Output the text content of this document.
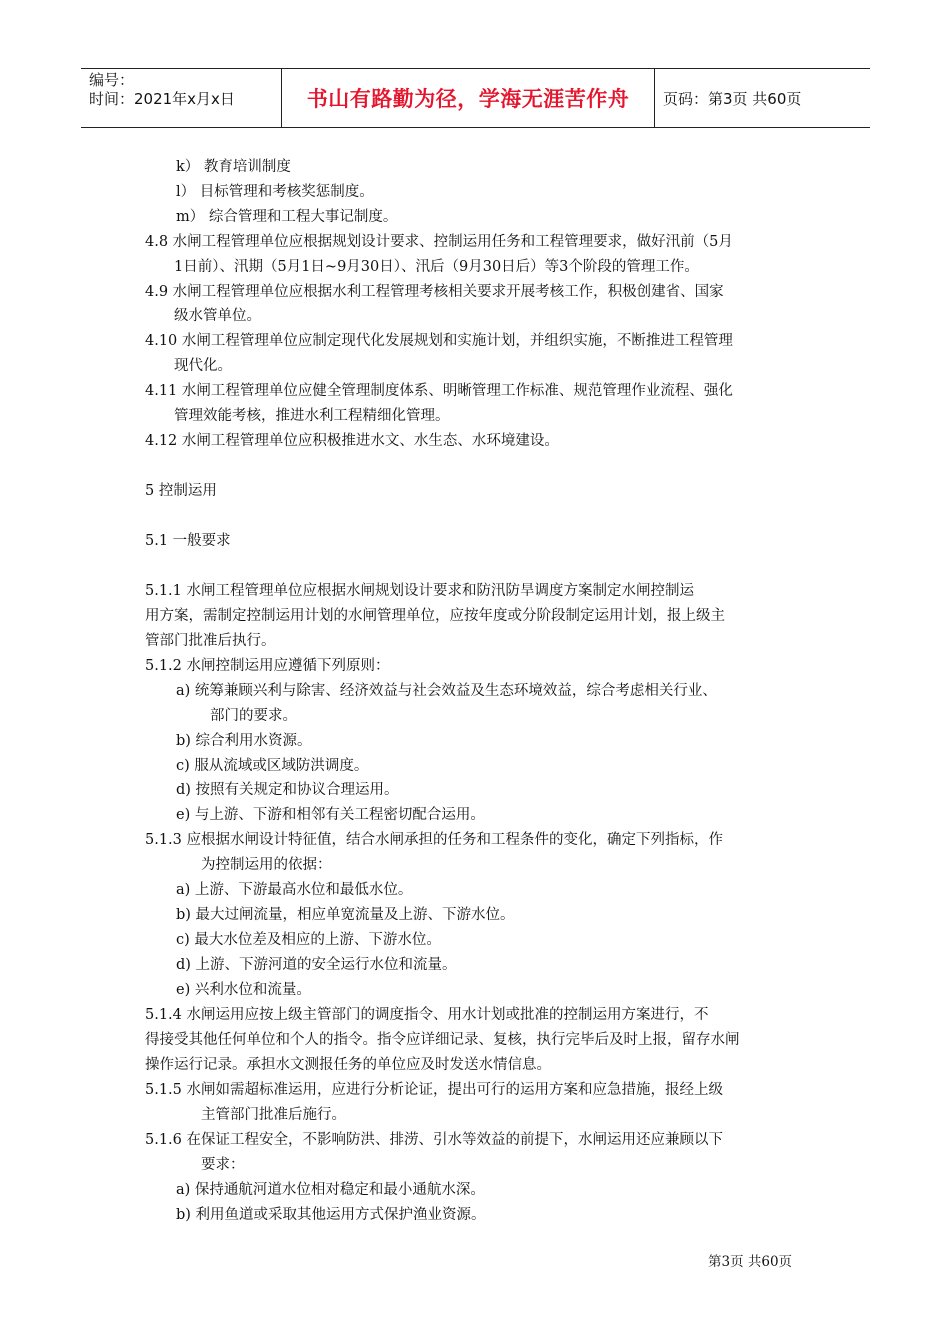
编号：
时间：2021年x月x日	书山有路勤为径，学海无涯苦作舟	页码：第3页 共60页
k） 教育培训制度
l） 目标管理和考核奖惩制度。
m） 综合管理和工程大事记制度。
4.8 水闸工程管理单位应根据规划设计要求、控制运用任务和工程管理要求，做好汛前（5月
1日前）、汛期（5月1日~9月30日）、汛后（9月30日后）等3个阶段的管理工作。
4.9 水闸工程管理单位应根据水利工程管理考核相关要求开展考核工作，积极创建省、国家
级水管单位。
4.10 水闸工程管理单位应制定现代化发展规划和实施计划，并组织实施，不断推进工程管理
现代化。
4.11 水闸工程管理单位应健全管理制度体系、明晰管理工作标准、规范管理作业流程、强化
管理效能考核，推进水利工程精细化管理。
4.12 水闸工程管理单位应积极推进水文、水生态、水环境建设。
5 控制运用
5.1 一般要求
5.1.1 水闸工程管理单位应根据水闸规划设计要求和防汛防旱调度方案制定水闸控制运
用方案，需制定控制运用计划的水闸管理单位，应按年度或分阶段制定运用计划，报上级主
管部门批准后执行。
5.1.2 水闸控制运用应遵循下列原则：
a) 统筹兼顾兴利与除害、经济效益与社会效益及生态环境效益，综合考虑相关行业、
部门的要求。
b) 综合利用水资源。
c) 服从流域或区域防洪调度。
d) 按照有关规定和协议合理运用。
e) 与上游、下游和相邻有关工程密切配合运用。
5.1.3 应根据水闸设计特征值，结合水闸承担的任务和工程条件的变化，确定下列指标，作
为控制运用的依据：
a) 上游、下游最高水位和最低水位。
b) 最大过闸流量，相应单宽流量及上游、下游水位。
c) 最大水位差及相应的上游、下游水位。
d) 上游、下游河道的安全运行水位和流量。
e) 兴利水位和流量。
5.1.4 水闸运用应按上级主管部门的调度指令、用水计划或批准的控制运用方案进行，不
得接受其他任何单位和个人的指令。指令应详细记录、复核，执行完毕后及时上报，留存水闸
操作运行记录。承担水文测报任务的单位应及时发送水情信息。
5.1.5 水闸如需超标准运用，应进行分析论证，提出可行的运用方案和应急措施，报经上级
主管部门批准后施行。
5.1.6 在保证工程安全，不影响防洪、排涝、引水等效益的前提下，水闸运用还应兼顾以下
要求：
a) 保持通航河道水位相对稳定和最小通航水深。
b) 利用鱼道或采取其他运用方式保护渔业资源。
第3页 共60页
